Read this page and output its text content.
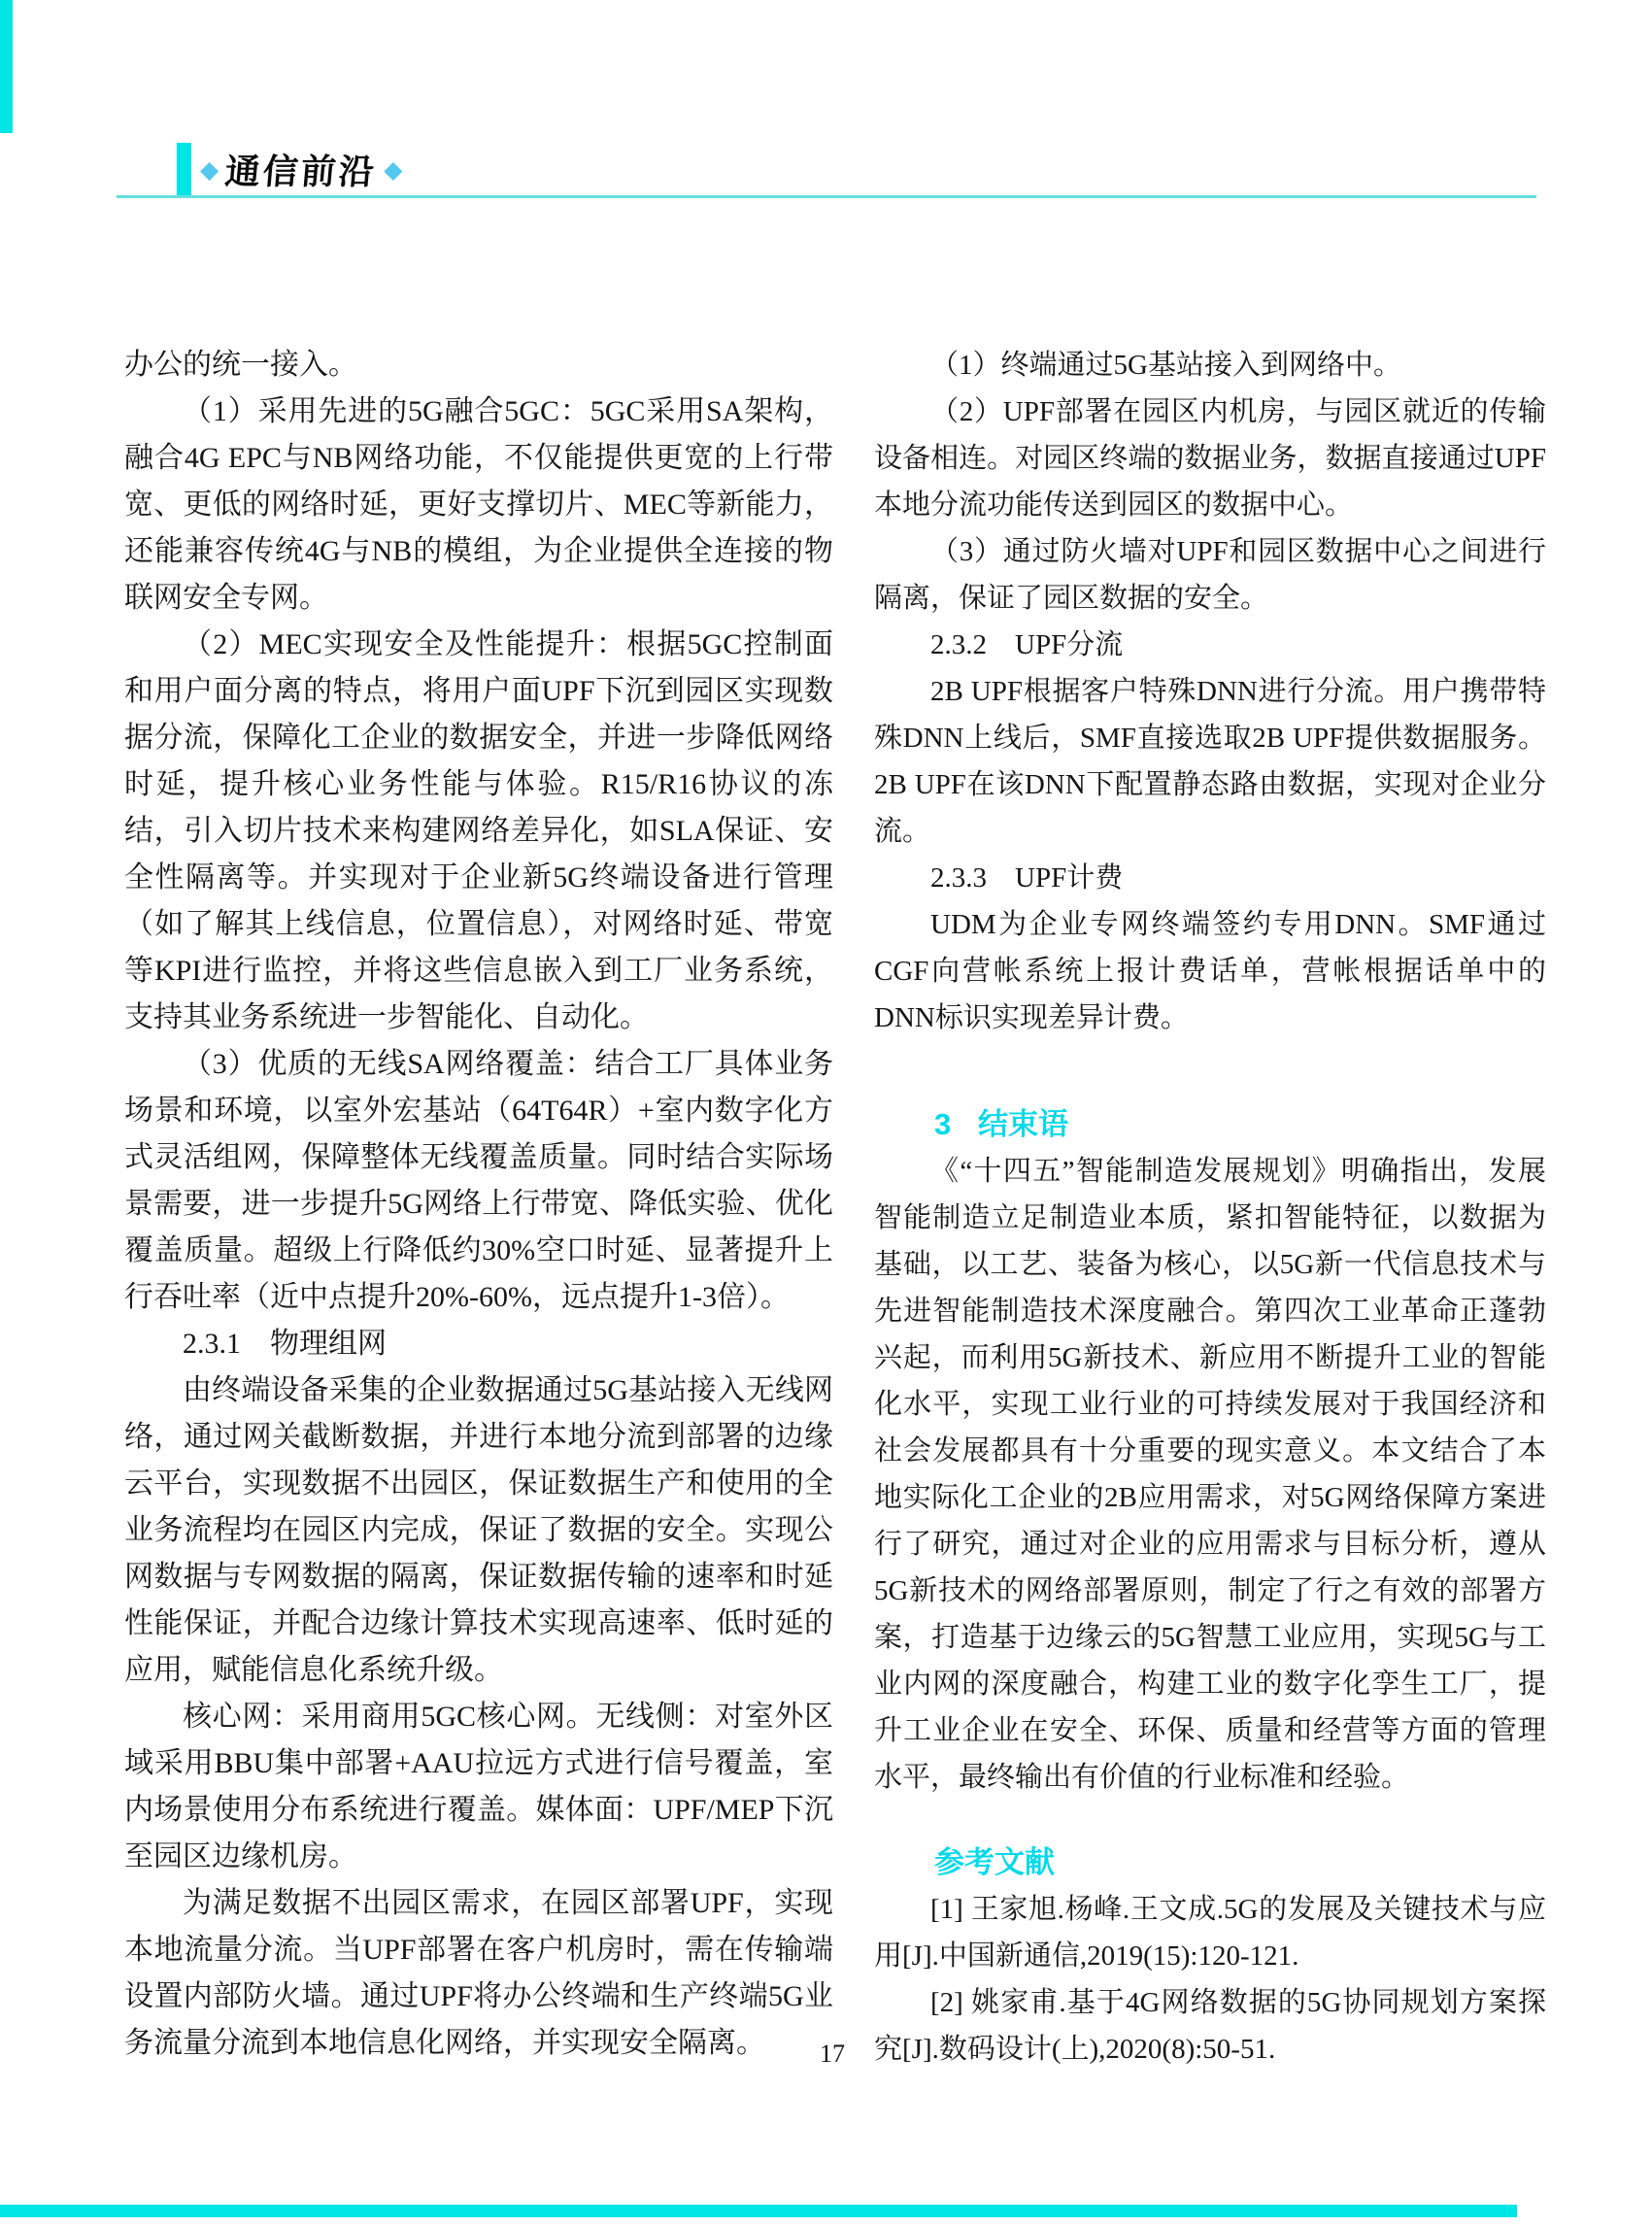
◆ 通信前沿 ◆

办公的统一接入。

（1）采用先进的5G融合5GC：5GC采用SA架构，融合4G EPC与NB网络功能，不仅能提供更宽的上行带宽、更低的网络时延，更好支撑切片、MEC等新能力，还能兼容传统4G与NB的模组，为企业提供全连接的物联网安全专网。

（2）MEC实现安全及性能提升：根据5GC控制面和用户面分离的特点，将用户面UPF下沉到园区实现数据分流，保障化工企业的数据安全，并进一步降低网络时延，提升核心业务性能与体验。R15/R16协议的冻结，引入切片技术来构建网络差异化，如SLA保证、安全性隔离等。并实现对于企业新5G终端设备进行管理（如了解其上线信息，位置信息），对网络时延、带宽等KPI进行监控，并将这些信息嵌入到工厂业务系统，支持其业务系统进一步智能化、自动化。

（3）优质的无线SA网络覆盖：结合工厂具体业务场景和环境，以室外宏基站（64T64R）+室内数字化方式灵活组网，保障整体无线覆盖质量。同时结合实际场景需要，进一步提升5G网络上行带宽、降低实验、优化覆盖质量。超级上行降低约30%空口时延、显著提升上行吞吐率（近中点提升20%-60%，远点提升1-3倍）。

2.3.1　物理组网

由终端设备采集的企业数据通过5G基站接入无线网络，通过网关截断数据，并进行本地分流到部署的边缘云平台，实现数据不出园区，保证数据生产和使用的全业务流程均在园区内完成，保证了数据的安全。实现公网数据与专网数据的隔离，保证数据传输的速率和时延性能保证，并配合边缘计算技术实现高速率、低时延的应用，赋能信息化系统升级。

核心网：采用商用5GC核心网。无线侧：对室外区域采用BBU集中部署+AAU拉远方式进行信号覆盖，室内场景使用分布系统进行覆盖。媒体面：UPF/MEP下沉至园区边缘机房。

为满足数据不出园区需求，在园区部署UPF，实现本地流量分流。当UPF部署在客户机房时，需在传输端设置内部防火墙。通过UPF将办公终端和生产终端5G业务流量分流到本地信息化网络，并实现安全隔离。

（1）终端通过5G基站接入到网络中。

（2）UPF部署在园区内机房，与园区就近的传输设备相连。对园区终端的数据业务，数据直接通过UPF本地分流功能传送到园区的数据中心。

（3）通过防火墙对UPF和园区数据中心之间进行隔离，保证了园区数据的安全。

2.3.2　UPF分流

2B UPF根据客户特殊DNN进行分流。用户携带特殊DNN上线后，SMF直接选取2B UPF提供数据服务。2B UPF在该DNN下配置静态路由数据，实现对企业分流。

2.3.3　UPF计费

UDM为企业专网终端签约专用DNN。SMF通过CGF向营帐系统上报计费话单，营帐根据话单中的DNN标识实现差异计费。

3 结束语

《“十四五”智能制造发展规划》明确指出，发展智能制造立足制造业本质，紧扣智能特征，以数据为基础，以工艺、装备为核心，以5G新一代信息技术与先进智能制造技术深度融合。第四次工业革命正蓬勃兴起，而利用5G新技术、新应用不断提升工业的智能化水平，实现工业行业的可持续发展对于我国经济和社会发展都具有十分重要的现实意义。本文结合了本地实际化工企业的2B应用需求，对5G网络保障方案进行了研究，通过对企业的应用需求与目标分析，遵从5G新技术的网络部署原则，制定了行之有效的部署方案，打造基于边缘云的5G智慧工业应用，实现5G与工业内网的深度融合，构建工业的数字化孪生工厂，提升工业企业在安全、环保、质量和经营等方面的管理水平，最终输出有价值的行业标准和经验。

参考文献

[1] 王家旭.杨峰.王文成.5G的发展及关键技术与应用[J].中国新通信,2019(15):120-121.

[2] 姚家甫.基于4G网络数据的5G协同规划方案探究[J].数码设计(上),2020(8):50-51.

17
